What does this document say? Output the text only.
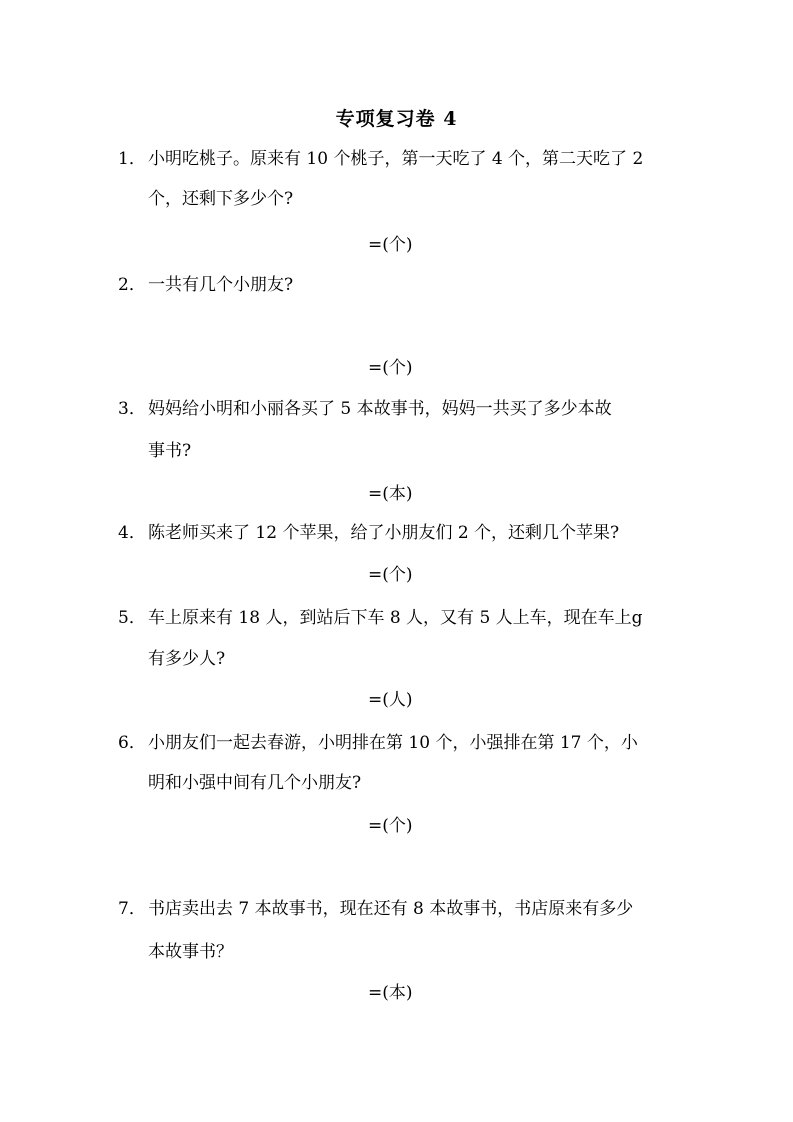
专项复习卷 4
1． 小明吃桃子。原来有 10 个桃子，第一天吃了 4 个，第二天吃了 2
个，还剩下多少个?
=(个)
2． 一共有几个小朋友?
=(个)
3． 妈妈给小明和小丽各买了 5 本故事书，妈妈一共买了多少本故
事书?
=(本)
4． 陈老师买来了 12 个苹果，给了小朋友们 2 个，还剩几个苹果?
=(个)
5． 车上原来有 18 人，到站后下车 8 人，又有 5 人上车，现在车上g
有多少人?
=(人)
6． 小朋友们一起去春游，小明排在第 10 个，小强排在第 17 个，小
明和小强中间有几个小朋友?
=(个)
7． 书店卖出去 7 本故事书，现在还有 8 本故事书，书店原来有多少
本故事书？
=(本)
